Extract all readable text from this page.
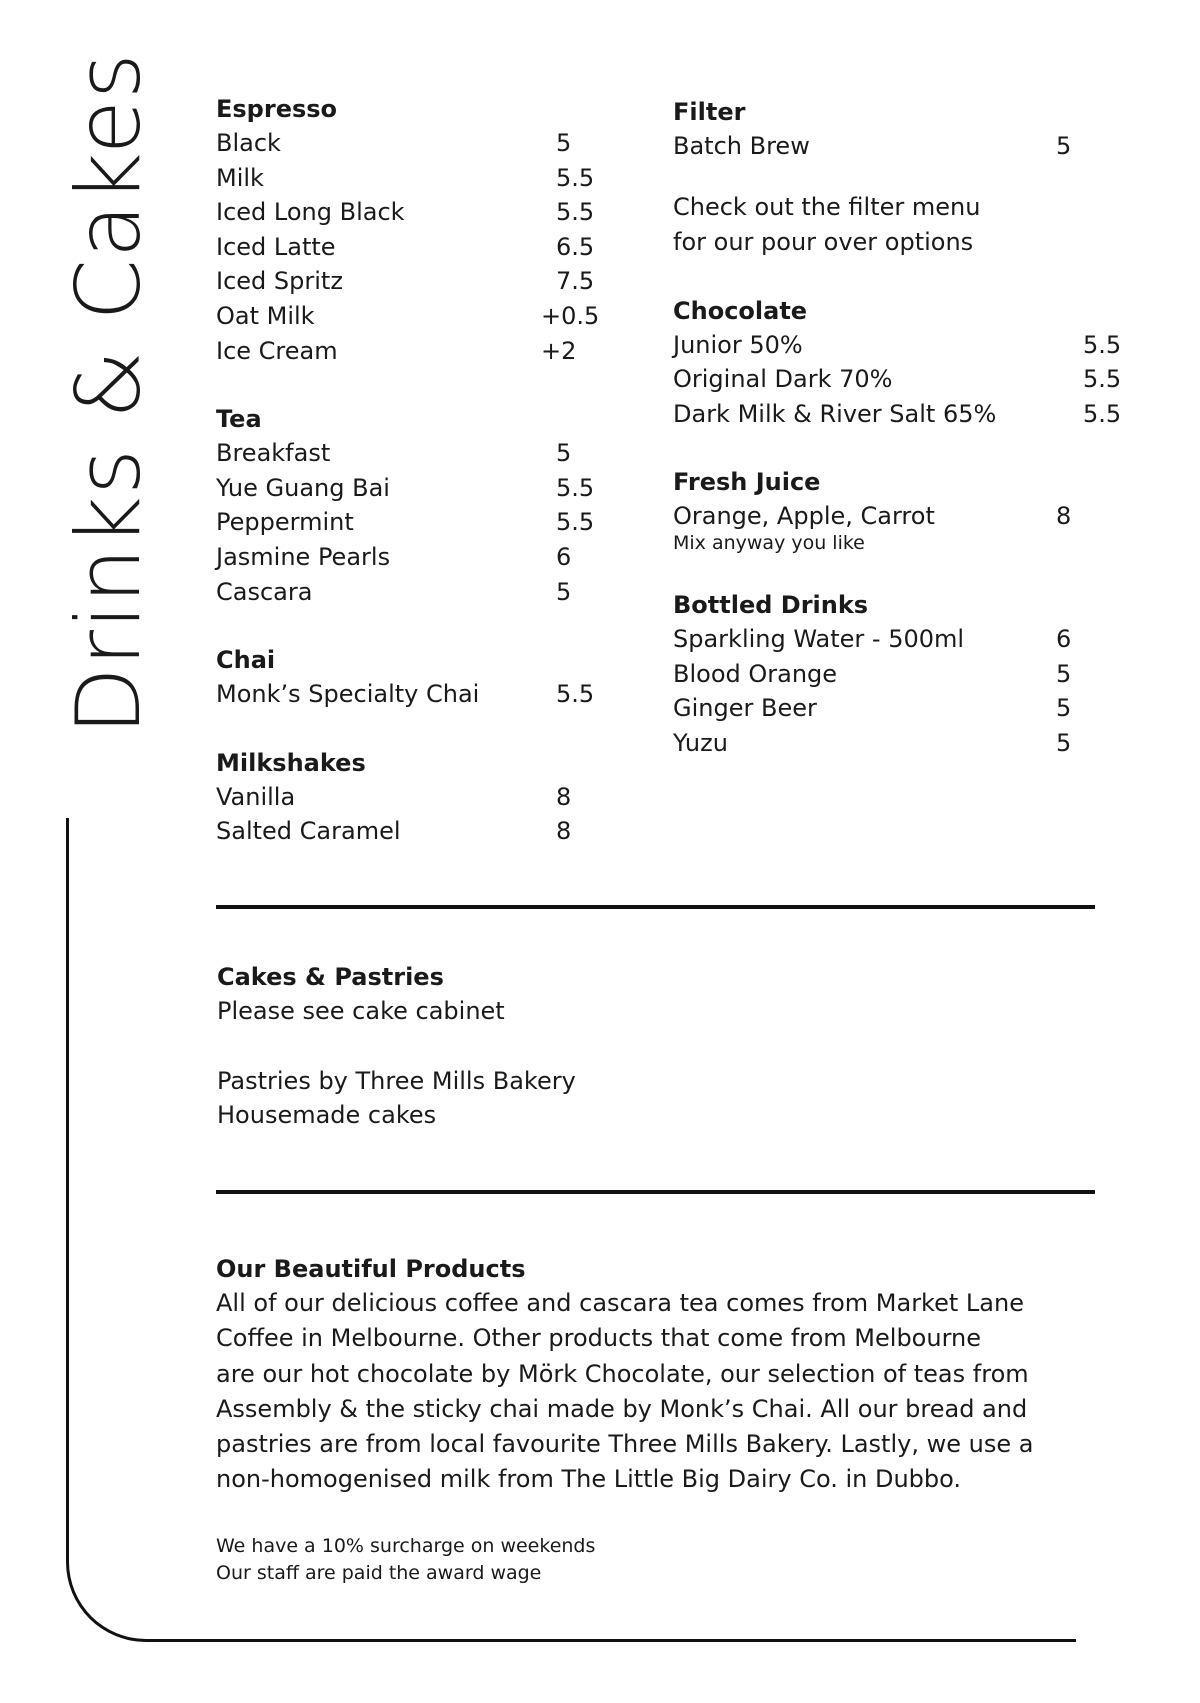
Drinks & Cakes Espresso
Black	5
Milk	5.5
Iced Long Black	5.5
Iced Latte	6.5
Iced Spritz	7.5
Oat Milk	+0.5
Ice Cream	+2
Tea
Breakfast	5
Yue Guang Bai	5.5
Peppermint	5.5
Jasmine Pearls	6
Cascara	5
Chai
Monk’s Specialty Chai	5.5
Milkshakes
Vanilla	8
Salted Caramel	8
Filter
Batch Brew	5
Check out the filter menu
for our pour over options
Chocolate
Junior 50%	5.5
Original Dark 70%	5.5
Dark Milk & River Salt 65%	5.5
Fresh Juice
Orange, Apple, Carrot	8
Mix anyway you like
Bottled Drinks
Sparkling Water - 500ml	6
Blood Orange	5
Ginger Beer	5
Yuzu	5
Cakes & Pastries
Please see cake cabinet
Pastries by Three Mills Bakery
Housemade cakes
Our Beautiful Products
All of our delicious coffee and cascara tea comes from Market Lane
Coffee in Melbourne. Other products that come from Melbourne
are our hot chocolate by Mörk Chocolate, our selection of teas from
Assembly & the sticky chai made by Monk’s Chai. All our bread and
pastries are from local favourite Three Mills Bakery. Lastly, we use a
non-homogenised milk from The Little Big Dairy Co. in Dubbo.
We have a 10% surcharge on weekends
Our staff are paid the award wage
